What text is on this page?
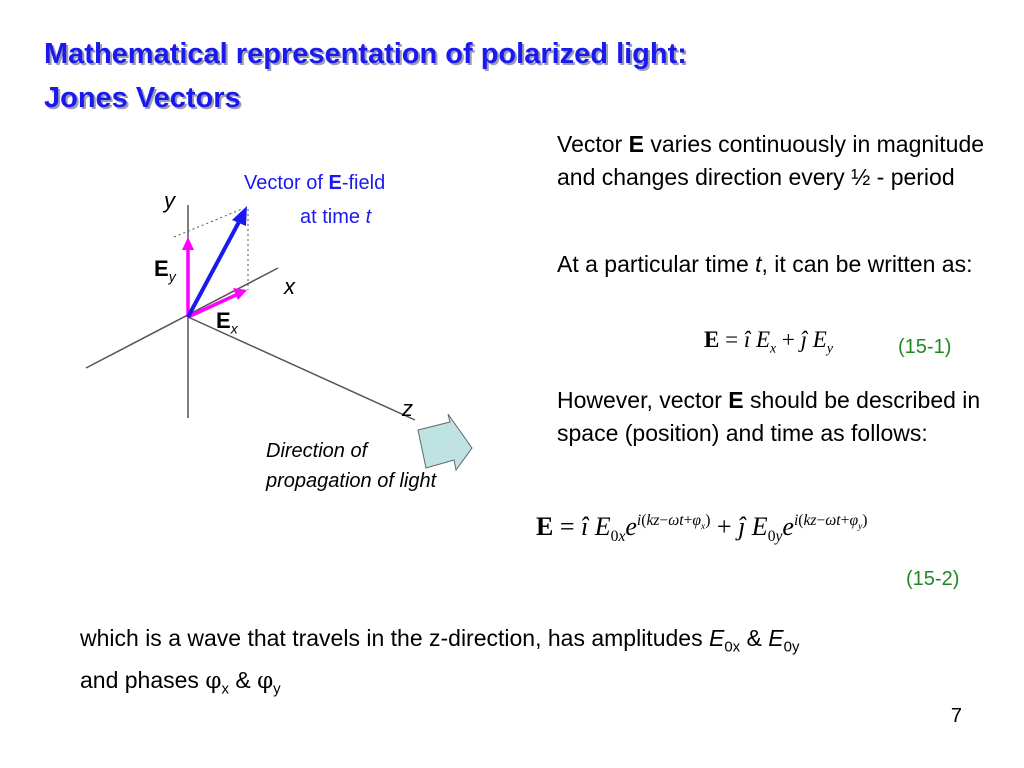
Mathematical representation of polarized light:
Jones Vectors
Vector of E-field
at time t
y
x
z
$E_y$
$E_x$
Direction of
propagation of light

Vector E varies continuously in magnitude and changes direction every ½ - period

At a particular time t, it can be written as:

E = î $E_x$ + ĵ $E_y$	(15-1)

However, vector E should be described in space (position) and time as follows:

E = î $E_{0x}e^{i(kz-\omega t+\varphi_x)}$ + ĵ $E_{0y}e^{i(kz-\omega t+\varphi_y)}$
(15-2)

which is a wave that travels in the z-direction, has amplitudes $E_{0x}$ & $E_{0y}$
and phases $\varphi_x$ & $\varphi_y$

7
